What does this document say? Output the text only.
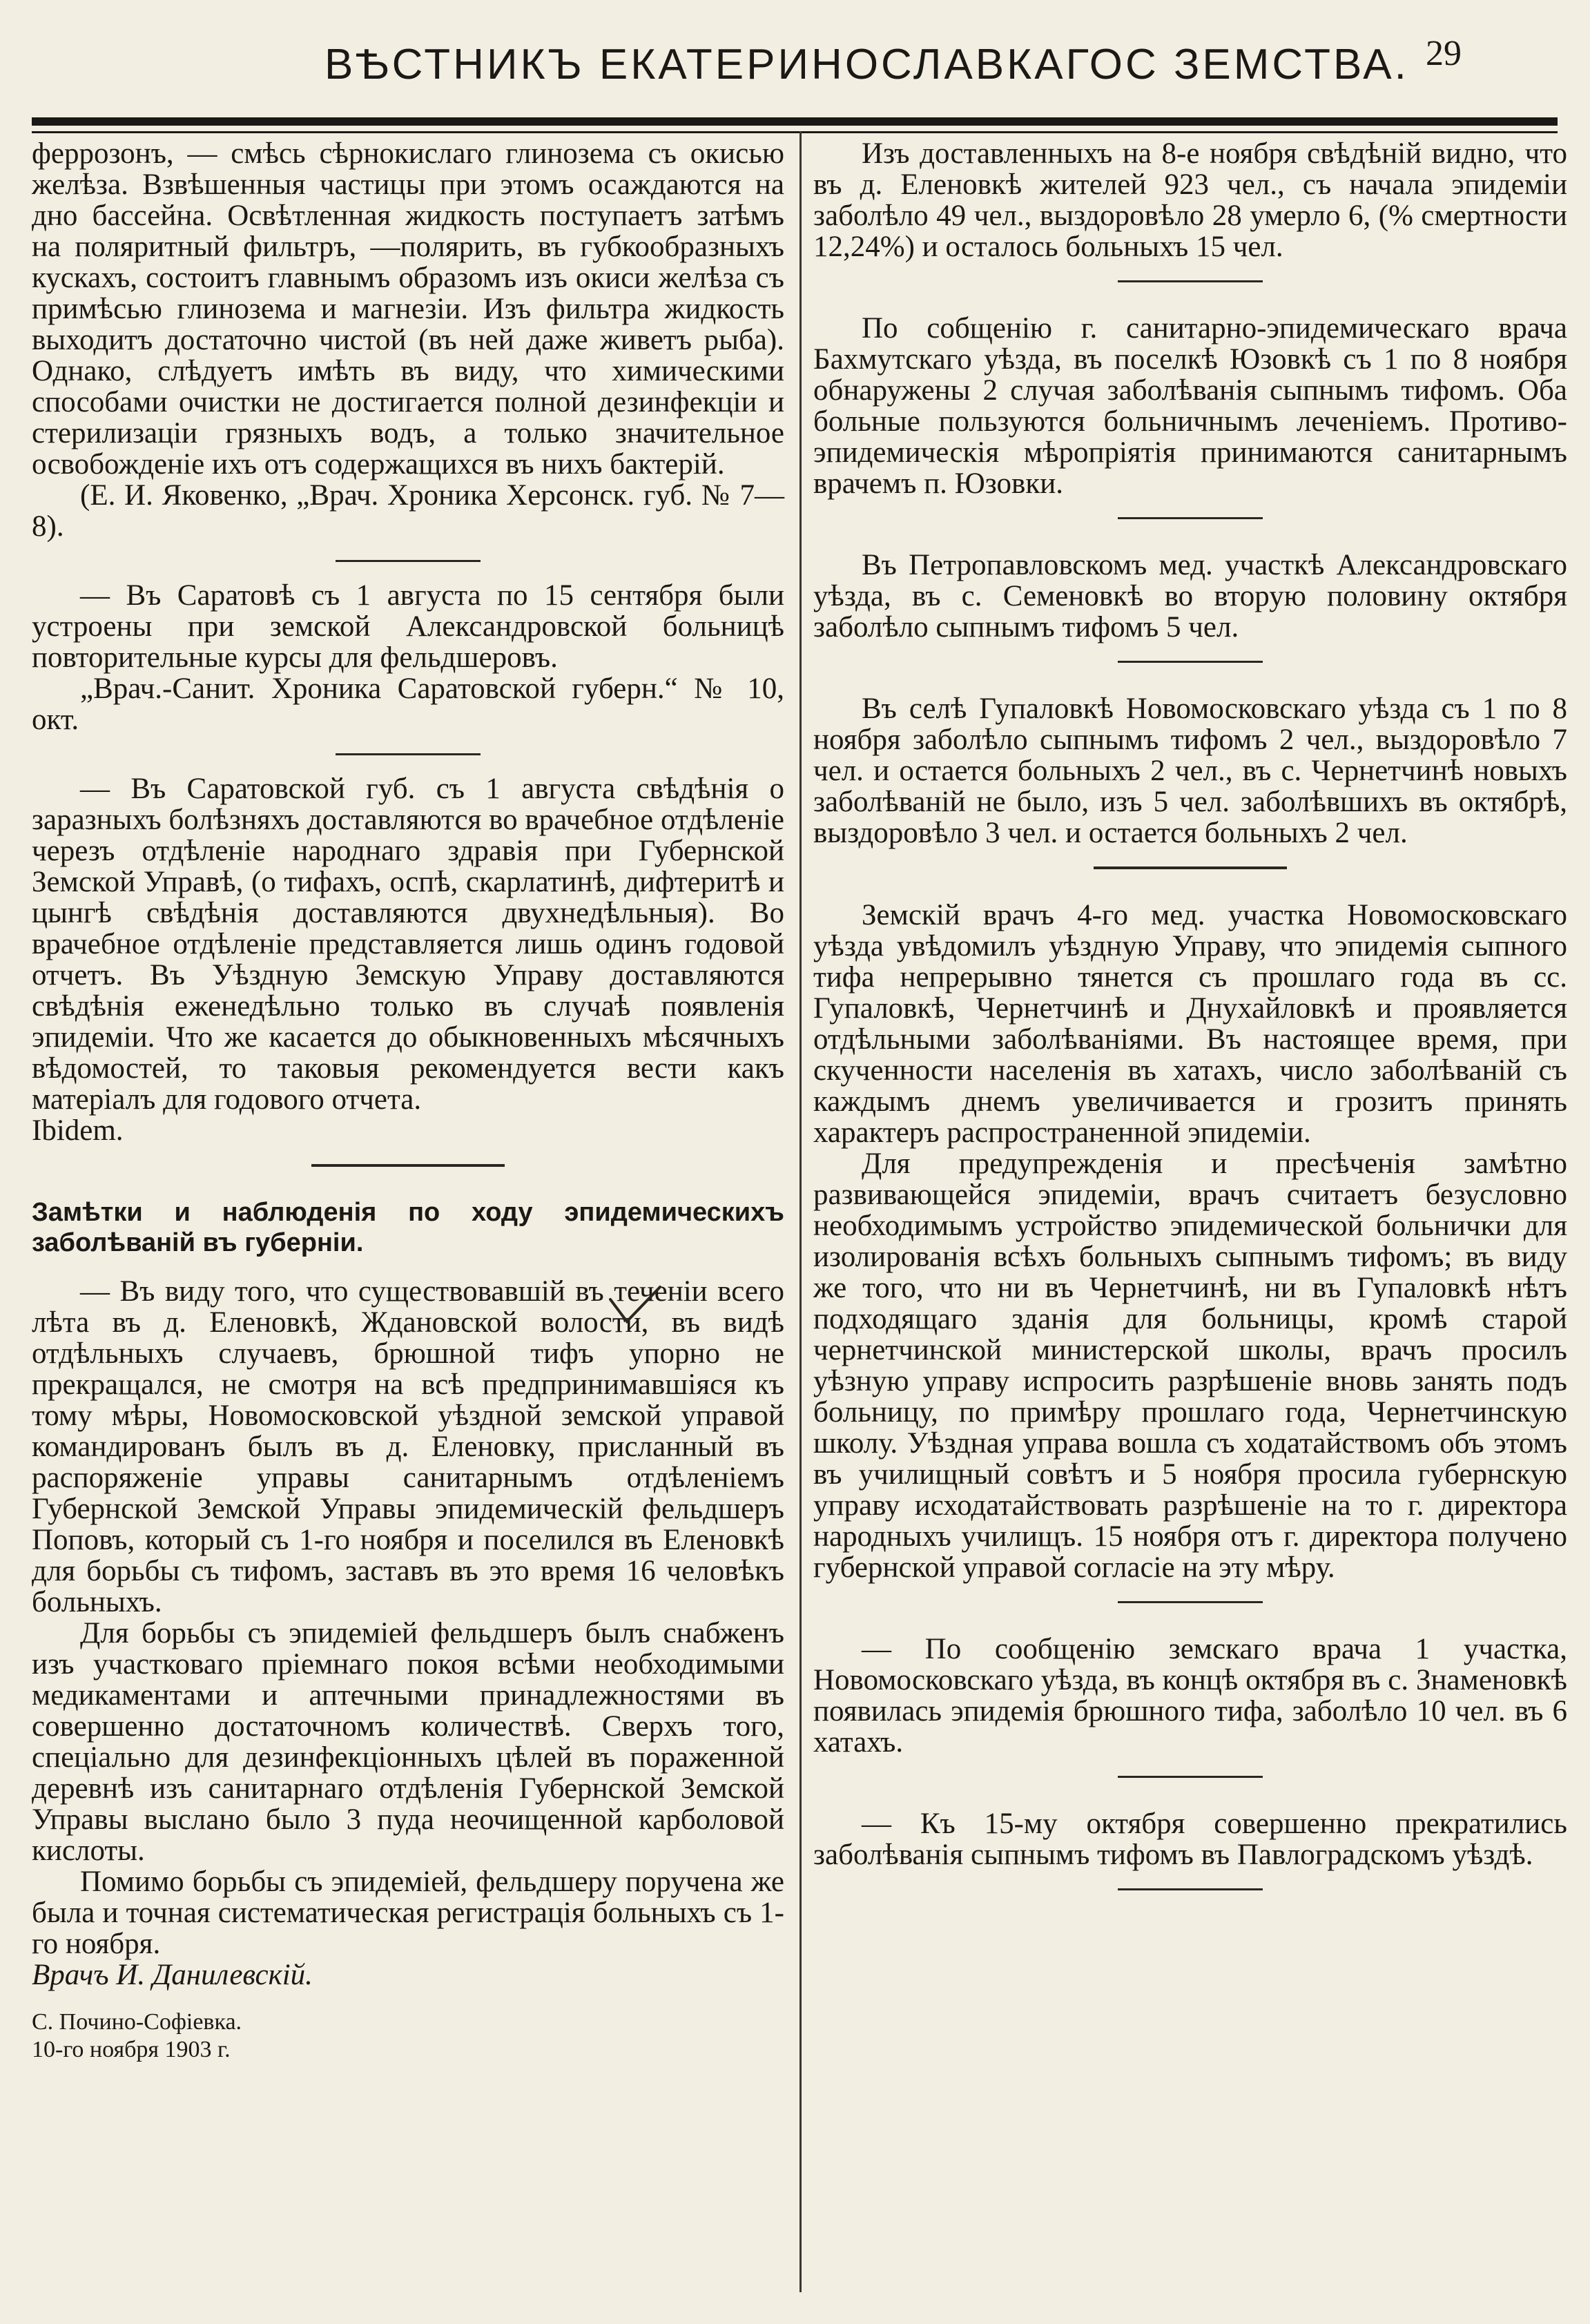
ВѢСТНИКЪ ЕКАТЕРИНОСЛАВКАГОС ЗЕМСТВА. 29

феррозонъ, — смѣсь сѣрнокислаго глинозема съ окисью желѣза. Взвѣшенныя частицы при этомъ осаждаются на дно бассейна. Освѣтленная жидкость поступаетъ затѣмъ на поляритный фильтръ, —полярить, въ губкообразныхъ кускахъ, состоитъ главнымъ образомъ изъ окиси желѣза съ примѣсью глинозема и магнезіи. Изъ фильтра жидкость выходитъ достаточно чистой (въ ней даже живетъ рыба). Однако, слѣдуетъ имѣть въ виду, что химическими способами очистки не достигается полной дезинфекціи и стерилизаціи грязныхъ водъ, а только значительное освобожденіе ихъ отъ содержащихся въ нихъ бактерій.

(Е. И. Яковенко, „Врач. Хроника Херсонск. губ. № 7—8).

— Въ Саратовѣ съ 1 августа по 15 сентября были устроены при земской Александровской больницѣ повторительные курсы для фельдшеровъ.

„Врач.-Санит. Хроника Саратовской губерн.“ № 10, окт.

— Въ Саратовской губ. съ 1 августа свѣдѣнія о заразныхъ болѣзняхъ доставляются во врачебное отдѣленіе черезъ отдѣленіе народнаго здравія при Губернской Земской Управѣ, (о тифахъ, оспѣ, скарлатинѣ, дифтеритѣ и цынгѣ свѣдѣнія доставляются двухнедѣльныя). Во врачебное отдѣленіе представляется лишь одинъ годовой отчетъ. Въ Уѣздную Земскую Управу доставляются свѣдѣнія еженедѣльно только въ случаѣ появленія эпидеміи. Что же касается до обыкновенныхъ мѣсячныхъ вѣдомостей, то таковыя рекомендуется вести какъ матеріалъ для годового отчета.

Ibidem.

Замѣтки и наблюденія по ходу эпидемическихъ заболѣваній въ губерніи.

— Въ виду того, что существовавшій въ теченіи всего лѣта въ д. Еленовкѣ, Ждановской волости, въ видѣ отдѣльныхъ случаевъ, брюшной тифъ упорно не прекращался, не смотря на всѣ предпринимавшіяся къ тому мѣры, Новомосковской уѣздной земской управой командированъ былъ въ д. Еленовку, присланный въ распоряженіе управы санитарнымъ отдѣленіемъ Губернской Земской Управы эпидемическій фельдшеръ Поповъ, который съ 1-го ноября и поселился въ Еленовкѣ для борьбы съ тифомъ, заставъ въ это время 16 человѣкъ больныхъ.

Для борьбы съ эпидеміей фельдшеръ былъ снабженъ изъ участковаго пріемнаго покоя всѣми необходимыми медикаментами и аптечными принадлежностями въ совершенно достаточномъ количествѣ. Сверхъ того, спеціально для дезинфекціонныхъ цѣлей въ пораженной деревнѣ изъ санитарнаго отдѣленія Губернской Земской Управы выслано было 3 пуда неочищенной карболовой кислоты.

Помимо борьбы съ эпидеміей, фельдшеру поручена же была и точная систематическая регистрація больныхъ съ 1-го ноября.

Врачъ И. Данилевскій.

С. Почино-Софіевка.

10-го ноября 1903 г.

Изъ доставленныхъ на 8-е ноября свѣдѣній видно, что въ д. Еленовкѣ жителей 923 чел., съ начала эпидеміи заболѣло 49 чел., выздоровѣло 28 умерло 6, (% смертности 12,24%) и осталось больныхъ 15 чел.

По собщенію г. санитарно-эпидемическаго врача Бахмутскаго уѣзда, въ поселкѣ Юзовкѣ съ 1 по 8 ноября обнаружены 2 случая заболѣванія сыпнымъ тифомъ. Оба больные пользуются больничнымъ леченіемъ. Противо-эпидемическія мѣропріятія принимаются санитарнымъ врачемъ п. Юзовки.

Въ Петропавловскомъ мед. участкѣ Александровскаго уѣзда, въ с. Семеновкѣ во вторую половину октября заболѣло сыпнымъ тифомъ 5 чел.

Въ селѣ Гупаловкѣ Новомосковскаго уѣзда съ 1 по 8 ноября заболѣло сыпнымъ тифомъ 2 чел., выздоровѣло 7 чел. и остается больныхъ 2 чел., въ с. Чернетчинѣ новыхъ заболѣваній не было, изъ 5 чел. заболѣвшихъ въ октябрѣ, выздоровѣло 3 чел. и остается больныхъ 2 чел.

Земскій врачъ 4-го мед. участка Новомосковскаго уѣзда увѣдомилъ уѣздную Управу, что эпидемія сыпного тифа непрерывно тянется съ прошлаго года въ сс. Гупаловкѣ, Чернетчинѣ и Днухайловкѣ и проявляется отдѣльными заболѣваніями. Въ настоящее время, при скученности населенія въ хатахъ, число заболѣваній съ каждымъ днемъ увеличивается и грозитъ принять характеръ распространенной эпидеміи.

Для предупрежденія и пресѣченія замѣтно развивающейся эпидеміи, врачъ считаетъ безусловно необходимымъ устройство эпидемической больнички для изолированія всѣхъ больныхъ сыпнымъ тифомъ; въ виду же того, что ни въ Чернетчинѣ, ни въ Гупаловкѣ нѣтъ подходящаго зданія для больницы, кромѣ старой чернетчинской министерской школы, врачъ просилъ уѣзную управу испросить разрѣшеніе вновь занять подъ больницу, по примѣру прошлаго года, Чернетчинскую школу. Уѣздная управа вошла съ ходатайствомъ объ этомъ въ училищный совѣтъ и 5 ноября просила губернскую управу исходатайствовать разрѣшеніе на то г. директора народныхъ училищъ. 15 ноября отъ г. директора получено губернской управой согласіе на эту мѣру.

— По сообщенію земскаго врача 1 участка, Новомосковскаго уѣзда, въ концѣ октября въ с. Знаменовкѣ появилась эпидемія брюшного тифа, заболѣло 10 чел. въ 6 хатахъ.

— Къ 15-му октября совершенно прекратились заболѣванія сыпнымъ тифомъ въ Павлоградскомъ уѣздѣ.
